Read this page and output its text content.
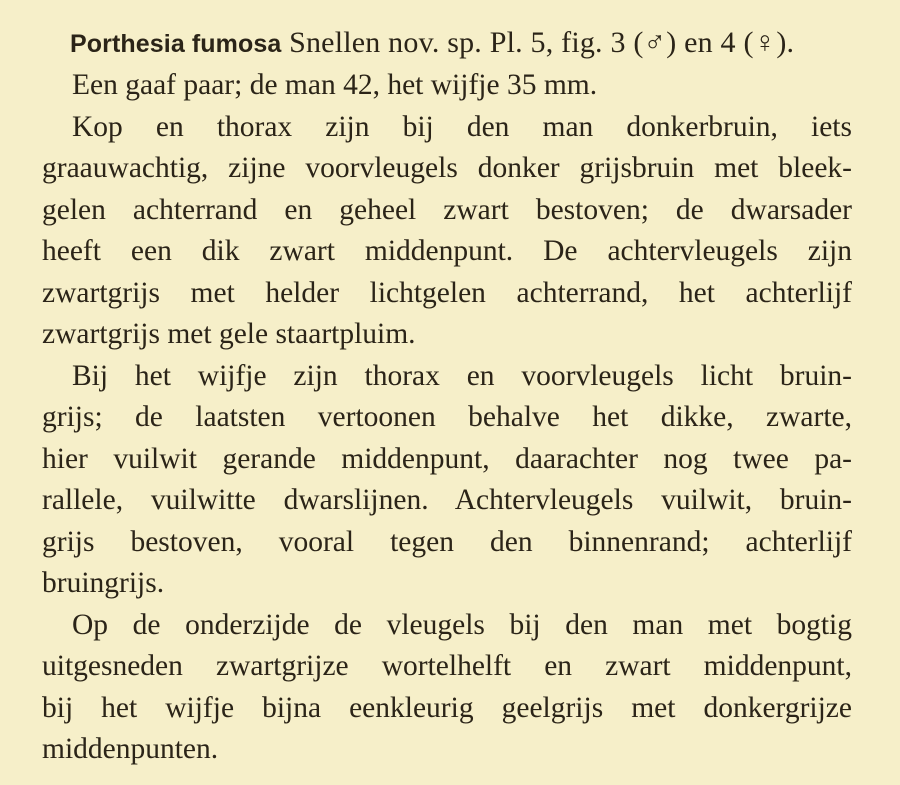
Porthesia fumosa Snellen nov. sp. Pl. 5, fig. 3 (♂) en 4 (♀).

Een gaaf paar; de man 42, het wijfje 35 mm.

Kop en thorax zijn bij den man donkerbruin, iets
graauwachtig, zijne voorvleugels donker grijsbruin met bleek-
gelen achterrand en geheel zwart bestoven; de dwarsader
heeft een dik zwart middenpunt. De achtervleugels zijn
zwartgrijs met helder lichtgelen achterrand, het achterlijf
zwartgrijs met gele staartpluim.

Bij het wijfje zijn thorax en voorvleugels licht bruin-
grijs; de laatsten vertoonen behalve het dikke, zwarte,
hier vuilwit gerande middenpunt, daarachter nog twee pa-
rallele, vuilwitte dwarslijnen. Achtervleugels vuilwit, bruin-
grijs bestoven, vooral tegen den binnenrand; achterlijf
bruingrijs.

Op de onderzijde de vleugels bij den man met bogtig
uitgesneden zwartgrijze wortelhelft en zwart middenpunt,
bij het wijfje bijna eenkleurig geelgrijs met donkergrijze
middenpunten.
